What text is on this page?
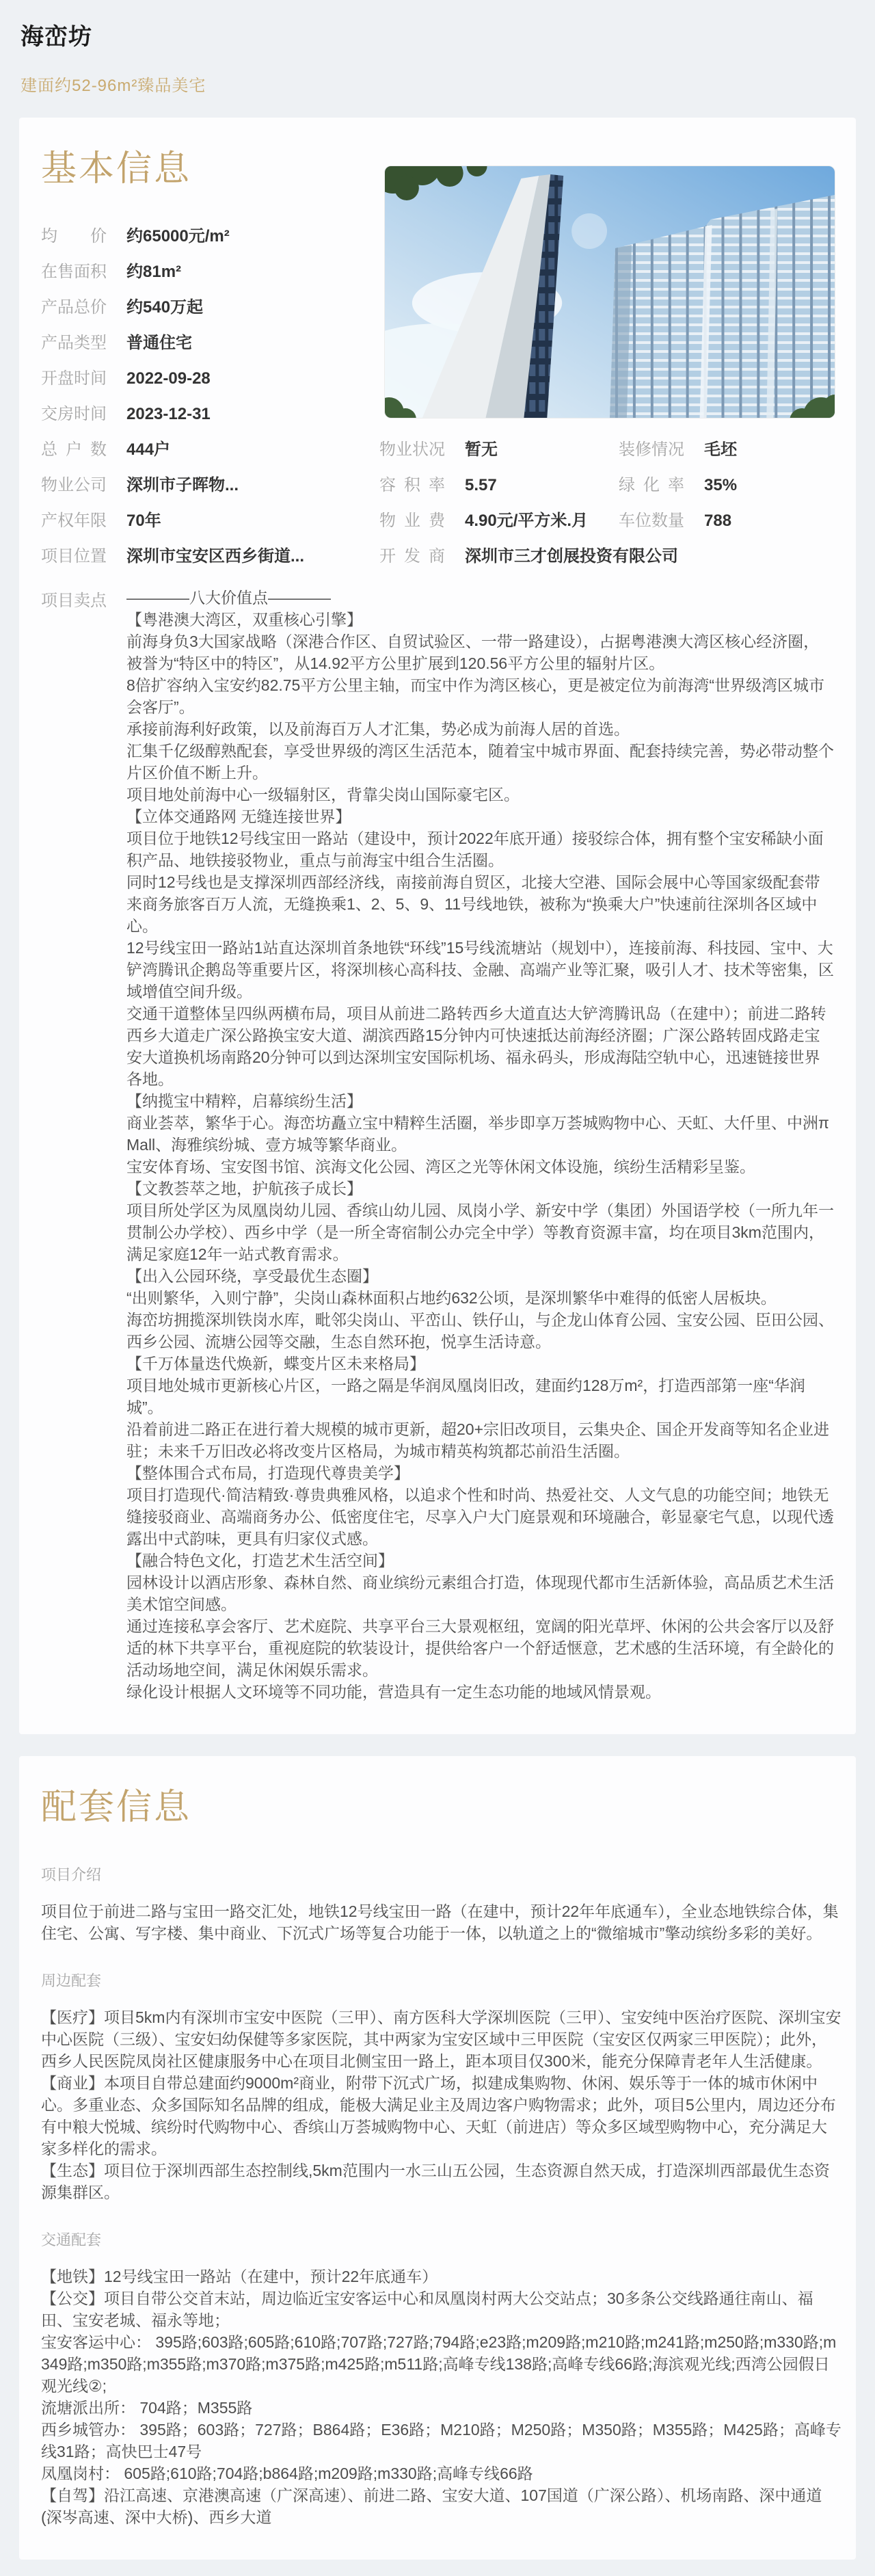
海峦坊

建面约52-96m²臻品美宅

基本信息
均价 约65000元/m²
在售面积 约81m²
产品总价 约540万起
产品类型 普通住宅
开盘时间 2022-09-28
交房时间 2023-12-31
总户数 444户	物业状况 暂无	装修情况 毛坯
物业公司 深圳市子晖物...	容积率 5.57	绿化率 35%
产权年限 70年	物业费 4.90元/平方米.月 车位数量 788
项目位置 深圳市宝安区西乡街道...	开发商 深圳市三才创展投资有限公司
项目卖点 ————八大价值点————
【粤港澳大湾区，双重核心引擎】
前海身负3大国家战略（深港合作区、自贸试验区、一带一路建设），占据粤港澳大湾区核心经济圈，被誉为“特区中的特区”，从14.92平方公里扩展到120.56平方公里的辐射片区。
8倍扩容纳入宝安约82.75平方公里主轴，而宝中作为湾区核心，更是被定位为前海湾“世界级湾区城市会客厅”。
承接前海利好政策，以及前海百万人才汇集，势必成为前海人居的首选。
汇集千亿级醇熟配套，享受世界级的湾区生活范本，随着宝中城市界面、配套持续完善，势必带动整个片区价值不断上升。
项目地处前海中心一级辐射区，背靠尖岗山国际豪宅区。
【立体交通路网 无缝连接世界】
项目位于地铁12号线宝田一路站（建设中，预计2022年底开通）接驳综合体，拥有整个宝安稀缺小面积产品、地铁接驳物业，重点与前海宝中组合生活圈。
同时12号线也是支撑深圳西部经济线，南接前海自贸区，北接大空港、国际会展中心等国家级配套带来商务旅客百万人流，无缝换乘1、2、5、9、11号线地铁，被称为“换乘大户”快速前往深圳各区域中心。
12号线宝田一路站1站直达深圳首条地铁“环线”15号线流塘站（规划中），连接前海、科技园、宝中、大铲湾腾讯企鹅岛等重要片区，将深圳核心高科技、金融、高端产业等汇聚，吸引人才、技术等密集，区域增值空间升级。
交通干道整体呈四纵两横布局，项目从前进二路转西乡大道直达大铲湾腾讯岛（在建中）；前进二路转西乡大道走广深公路换宝安大道、湖滨西路15分钟内可快速抵达前海经济圈；广深公路转固戍路走宝安大道换机场南路20分钟可以到达深圳宝安国际机场、福永码头，形成海陆空轨中心，迅速链接世界各地。
【纳揽宝中精粹，启幕缤纷生活】
商业荟萃，繁华于心。海峦坊矗立宝中精粹生活圈，举步即享万荟城购物中心、天虹、大仟里、中洲πMall、海雅缤纷城、壹方城等繁华商业。
宝安体育场、宝安图书馆、滨海文化公园、湾区之光等休闲文体设施，缤纷生活精彩呈鉴。
【文教荟萃之地，护航孩子成长】
项目所处学区为凤凰岗幼儿园、香缤山幼儿园、凤岗小学、新安中学（集团）外国语学校（一所九年一贯制公办学校）、西乡中学（是一所全寄宿制公办完全中学）等教育资源丰富，均在项目3km范围内，满足家庭12年一站式教育需求。
【出入公园环绕，享受最优生态圈】
“出则繁华，入则宁静”，尖岗山森林面积占地约632公顷，是深圳繁华中难得的低密人居板块。
海峦坊拥揽深圳铁岗水库，毗邻尖岗山、平峦山、铁仔山，与企龙山体育公园、宝安公园、臣田公园、西乡公园、流塘公园等交融，生态自然环抱，悦享生活诗意。
【千万体量迭代焕新，蝶变片区未来格局】
项目地处城市更新核心片区，一路之隔是华润凤凰岗旧改，建面约128万m²，打造西部第一座“华润城”。
沿着前进二路正在进行着大规模的城市更新，超20+宗旧改项目，云集央企、国企开发商等知名企业进驻；未来千万旧改必将改变片区格局，为城市精英构筑都芯前沿生活圈。
【整体围合式布局，打造现代尊贵美学】
项目打造现代·简洁精致·尊贵典雅风格，以追求个性和时尚、热爱社交、人文气息的功能空间；地铁无缝接驳商业、高端商务办公、低密度住宅，尽享入户大门庭景观和环境融合，彰显豪宅气息，以现代透露出中式韵味，更具有归家仪式感。
【融合特色文化，打造艺术生活空间】
园林设计以酒店形象、森林自然、商业缤纷元素组合打造，体现现代都市生活新体验，高品质艺术生活美术馆空间感。
通过连接私享会客厅、艺术庭院、共享平台三大景观枢纽，宽阔的阳光草坪、休闲的公共会客厅以及舒适的林下共享平台，重视庭院的软装设计，提供给客户一个舒适惬意，艺术感的生活环境，有全龄化的活动场地空间，满足休闲娱乐需求。
绿化设计根据人文环境等不同功能，营造具有一定生态功能的地域风情景观。
配套信息
项目介绍
项目位于前进二路与宝田一路交汇处，地铁12号线宝田一路（在建中，预计22年年底通车），全业态地铁综合体，集住宅、公寓、写字楼、集中商业、下沉式广场等复合功能于一体，以轨道之上的“微缩城市”擎动缤纷多彩的美好。
周边配套
【医疗】项目5km内有深圳市宝安中医院（三甲）、南方医科大学深圳医院（三甲）、宝安纯中医治疗医院、深圳宝安中心医院（三级）、宝安妇幼保健等多家医院，其中两家为宝安区域中三甲医院（宝安区仅两家三甲医院）；此外，西乡人民医院凤岗社区健康服务中心在项目北侧宝田一路上，距本项目仅300米，能充分保障青老年人生活健康。
【商业】本项目自带总建面约9000m²商业，附带下沉式广场，拟建成集购物、休闲、娱乐等于一体的城市休闲中心。多重业态、众多国际知名品牌的组成，能极大满足业主及周边客户购物需求；此外，项目5公里内，周边还分布有中粮大悦城、缤纷时代购物中心、香缤山万荟城购物中心、天虹（前进店）等众多区域型购物中心，充分满足大家多样化的需求。
【生态】项目位于深圳西部生态控制线,5km范围内一水三山五公园，生态资源自然天成，打造深圳西部最优生态资源集群区。
交通配套
【地铁】12号线宝田一路站（在建中，预计22年底通车）
【公交】项目自带公交首末站，周边临近宝安客运中心和凤凰岗村两大公交站点；30多条公交线路通往南山、福田、宝安老城、福永等地；
宝安客运中心： 395路;603路;605路;610路;707路;727路;794路;e23路;m209路;m210路;m241路;m250路;m330路;m349路;m350路;m355路;m370路;m375路;m425路;m511路;高峰专线138路;高峰专线66路;海滨观光线;西湾公园假日观光线②;
流塘派出所： 704路；M355路
西乡城管办： 395路；603路；727路；B864路；E36路；M210路；M250路；M350路；M355路；M425路；高峰专线31路；高快巴士47号
凤凰岗村： 605路;610路;704路;b864路;m209路;m330路;高峰专线66路
【自驾】沿江高速、京港澳高速（广深高速）、前进二路、宝安大道、107国道（广深公路）、机场南路、深中通道(深岑高速、深中大桥)、西乡大道
